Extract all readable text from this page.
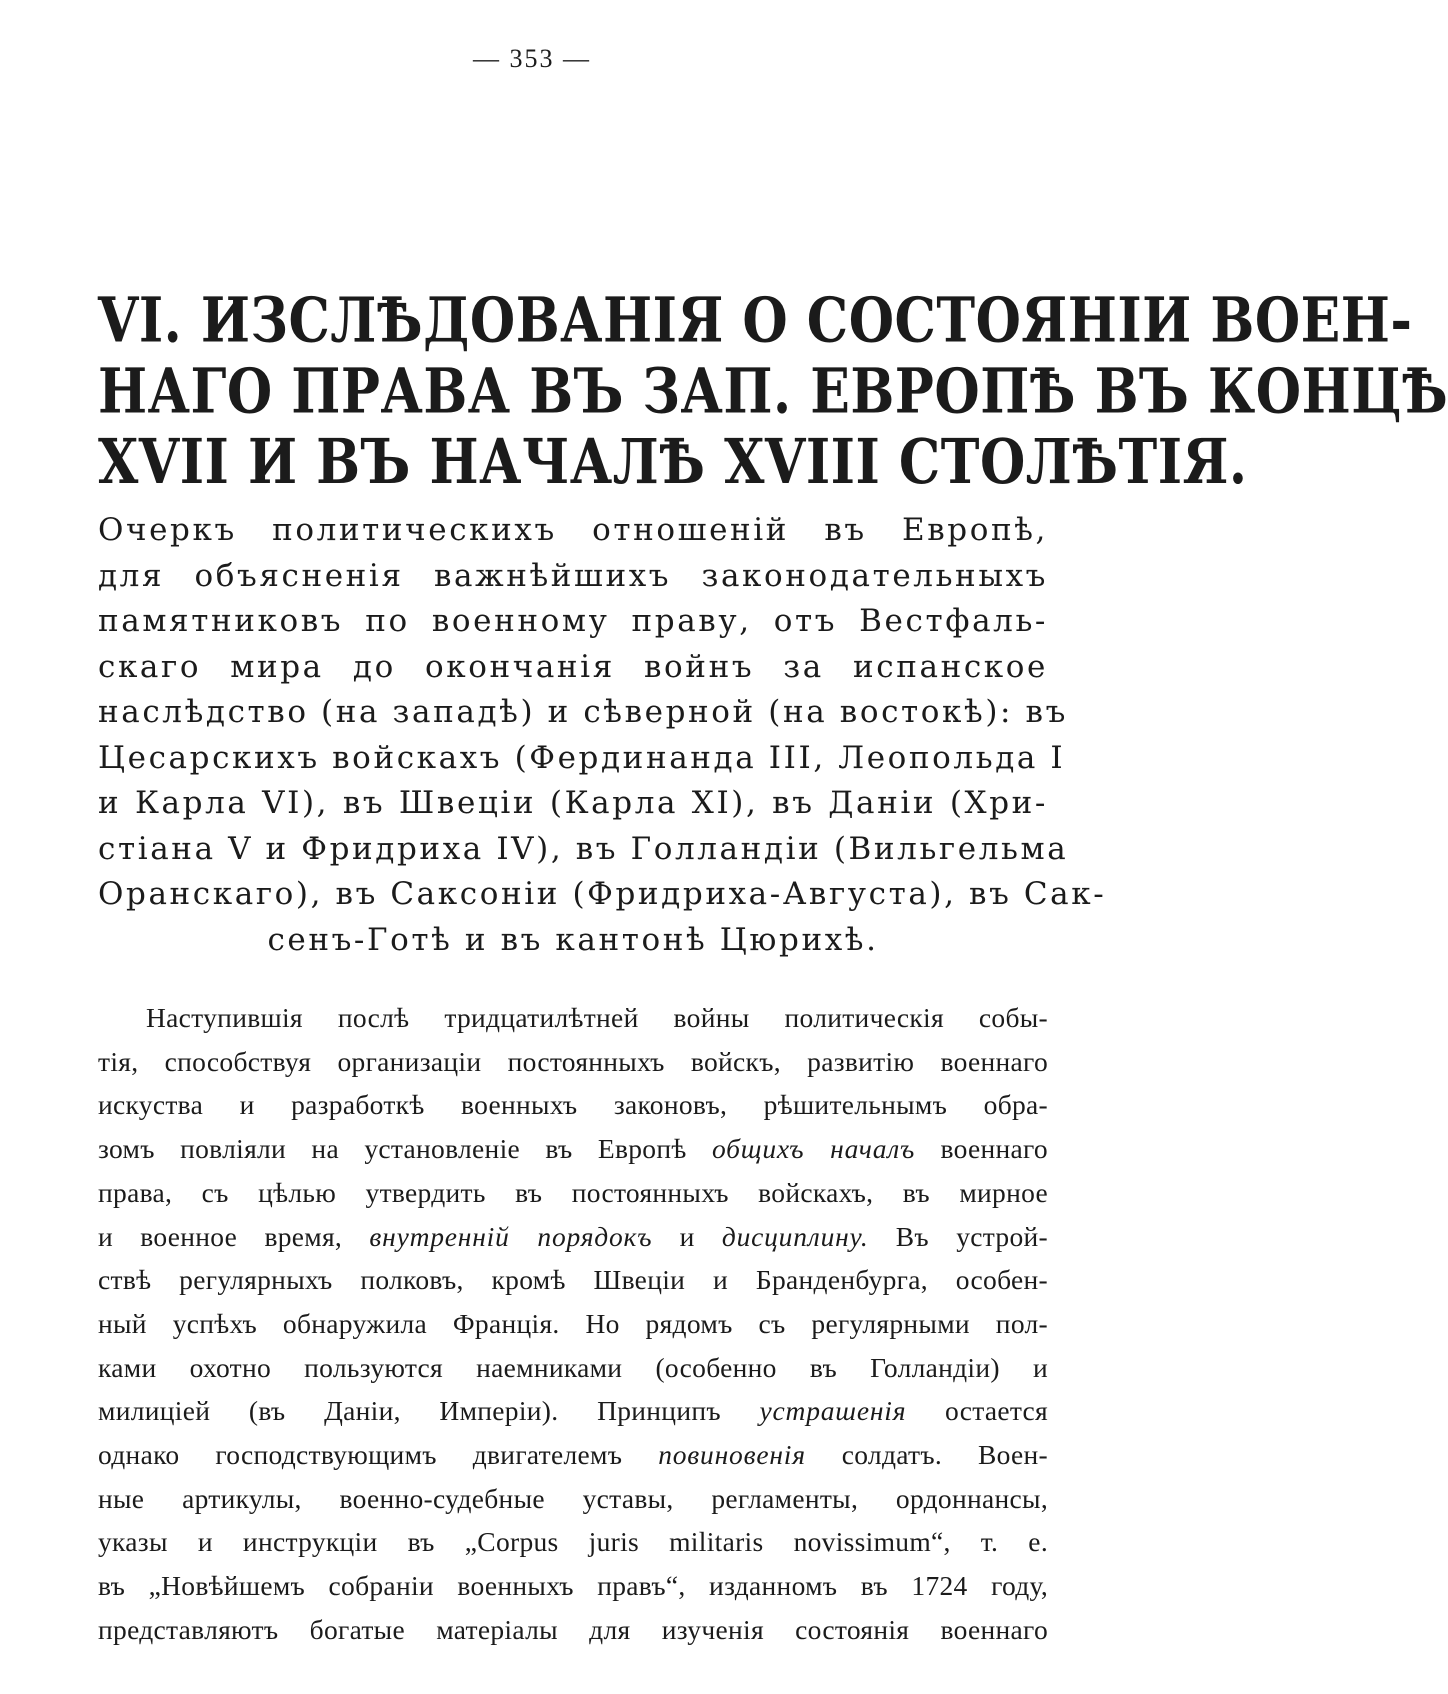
— 353 —
VI. ИЗСЛѢДОВАНІЯ О СОСТОЯНІИ ВОЕН-
НАГО ПРАВА ВЪ ЗАП. ЕВРОПѢ ВЪ КОНЦѢ
XVII И ВЪ НАЧАЛѢ XVIII СТОЛѢТІЯ.
Очеркъ политическихъ отношеній въ Европѣ,
для объясненія важнѣйшихъ законодательныхъ
памятниковъ по военному праву, отъ Вестфаль-
скаго мира до окончанія войнъ за испанское
наслѣдство (на западѣ) и сѣверной (на востокѣ): въ
Цесарскихъ войскахъ (Фердинанда III, Леопольда I
и Карла VI), въ Швеціи (Карла XI), въ Даніи (Хри-
стіана V и Фридриха IV), въ Голландіи (Вильгельма
Оранскаго), въ Саксоніи (Фридриха-Августа), въ Сак-
сенъ-Готѣ и въ кантонѣ Цюрихѣ.
Наступившія послѣ тридцатилѣтней войны политическія собы-
тія, способствуя организаціи постоянныхъ войскъ, развитію военнаго
искуства и разработкѣ военныхъ законовъ, рѣшительнымъ обра-
зомъ повліяли на установленіе въ Европѣ общихъ началъ военнаго
права, съ цѣлью утвердить въ постоянныхъ войскахъ, въ мирное
и военное время, внутренній порядокъ и дисциплину. Въ устрой-
ствѣ регулярныхъ полковъ, кромѣ Швеціи и Бранденбурга, особен-
ный успѣхъ обнаружила Франція. Но рядомъ съ регулярными пол-
ками охотно пользуются наемниками (особенно въ Голландіи) и
милиціей (въ Даніи, Имперіи). Принципъ устрашенія остается
однако господствующимъ двигателемъ повиновенія солдатъ. Воен-
ные артикулы, военно-судебные уставы, регламенты, ордоннансы,
указы и инструкціи въ „Corpus juris militaris novissimum“, т. е.
въ „Новѣйшемъ собраніи военныхъ правъ“, изданномъ въ 1724 году,
представляютъ богатые матеріалы для изученія состоянія военнаго
